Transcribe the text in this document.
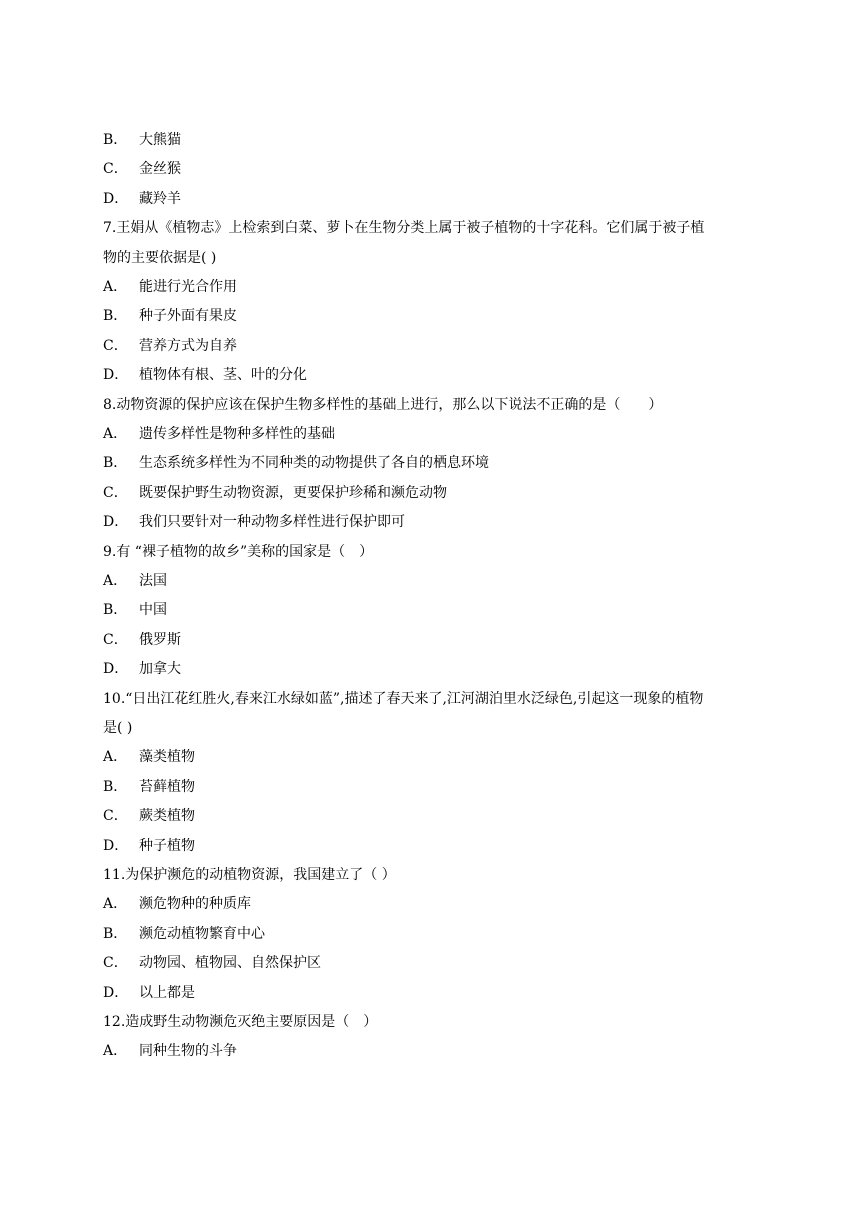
B． 大熊猫
C． 金丝猴
D． 藏羚羊
7.王娟从《植物志》上检索到白菜、萝卜在生物分类上属于被子植物的十字花科。它们属于被子植
物的主要依据是( )
A． 能进行光合作用
B． 种子外面有果皮
C． 营养方式为自养
D． 植物体有根、茎、叶的分化
8.动物资源的保护应该在保护生物多样性的基础上进行，那么以下说法不正确的是（　　）
A． 遗传多样性是物种多样性的基础
B． 生态系统多样性为不同种类的动物提供了各自的栖息环境
C． 既要保护野生动物资源，更要保护珍稀和濒危动物
D． 我们只要针对一种动物多样性进行保护即可
9.有 “裸子植物的故乡”美称的国家是（　）
A． 法国
B． 中国
C． 俄罗斯
D． 加拿大
10.“日出江花红胜火,春来江水绿如蓝”,描述了春天来了,江河湖泊里水泛绿色,引起这一现象的植物
是( )
A． 藻类植物
B． 苔藓植物
C． 蕨类植物
D． 种子植物
11.为保护濒危的动植物资源，我国建立了（ ）
A． 濒危物种的种质库
B． 濒危动植物繁育中心
C． 动物园、植物园、自然保护区
D． 以上都是
12.造成野生动物濒危灭绝主要原因是（　）
A． 同种生物的斗争
